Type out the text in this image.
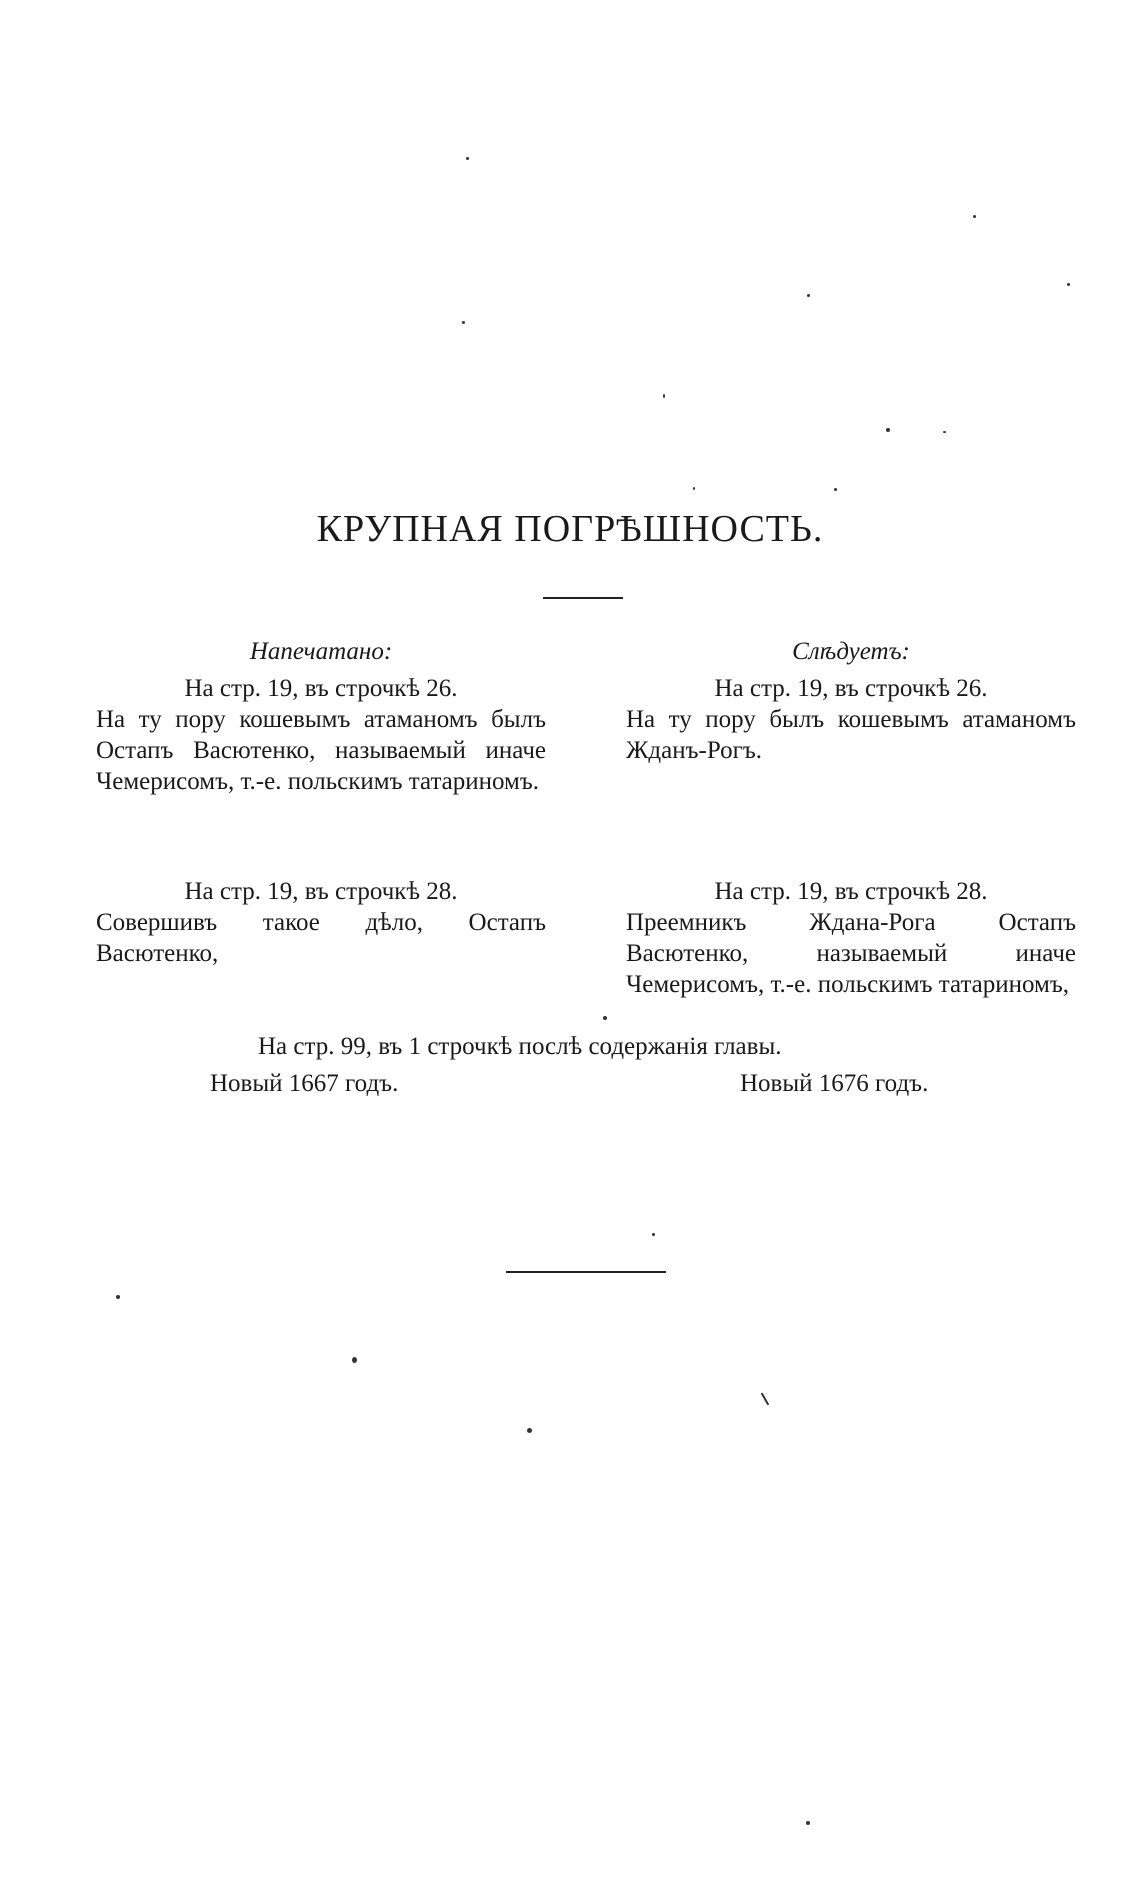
КРУПНАЯ ПОГРѢШНОСТЬ.

Напечатано:

На стр. 19, въ строчкѣ 26.

На ту пору кошевымъ атаманомъ былъ Остапъ Васютенко, называемый иначе Чемерисомъ, т.-е. польскимъ татариномъ.

Слѣдуетъ:

На стр. 19, въ строчкѣ 26.

На ту пору былъ кошевымъ атаманомъ Жданъ-Рогъ.

На стр. 19, въ строчкѣ 28.

Совершивъ такое дѣло, Остапъ Васютенко,

На стр. 19, въ строчкѣ 28.

Преемникъ Ждана-Рога Остапъ Васютенко, называемый иначе Чемерисомъ, т.-е. польскимъ татариномъ,

На стр. 99, въ 1 строчкѣ послѣ содержанія главы.
Новый 1667 годъ.	Новый 1676 годъ.
